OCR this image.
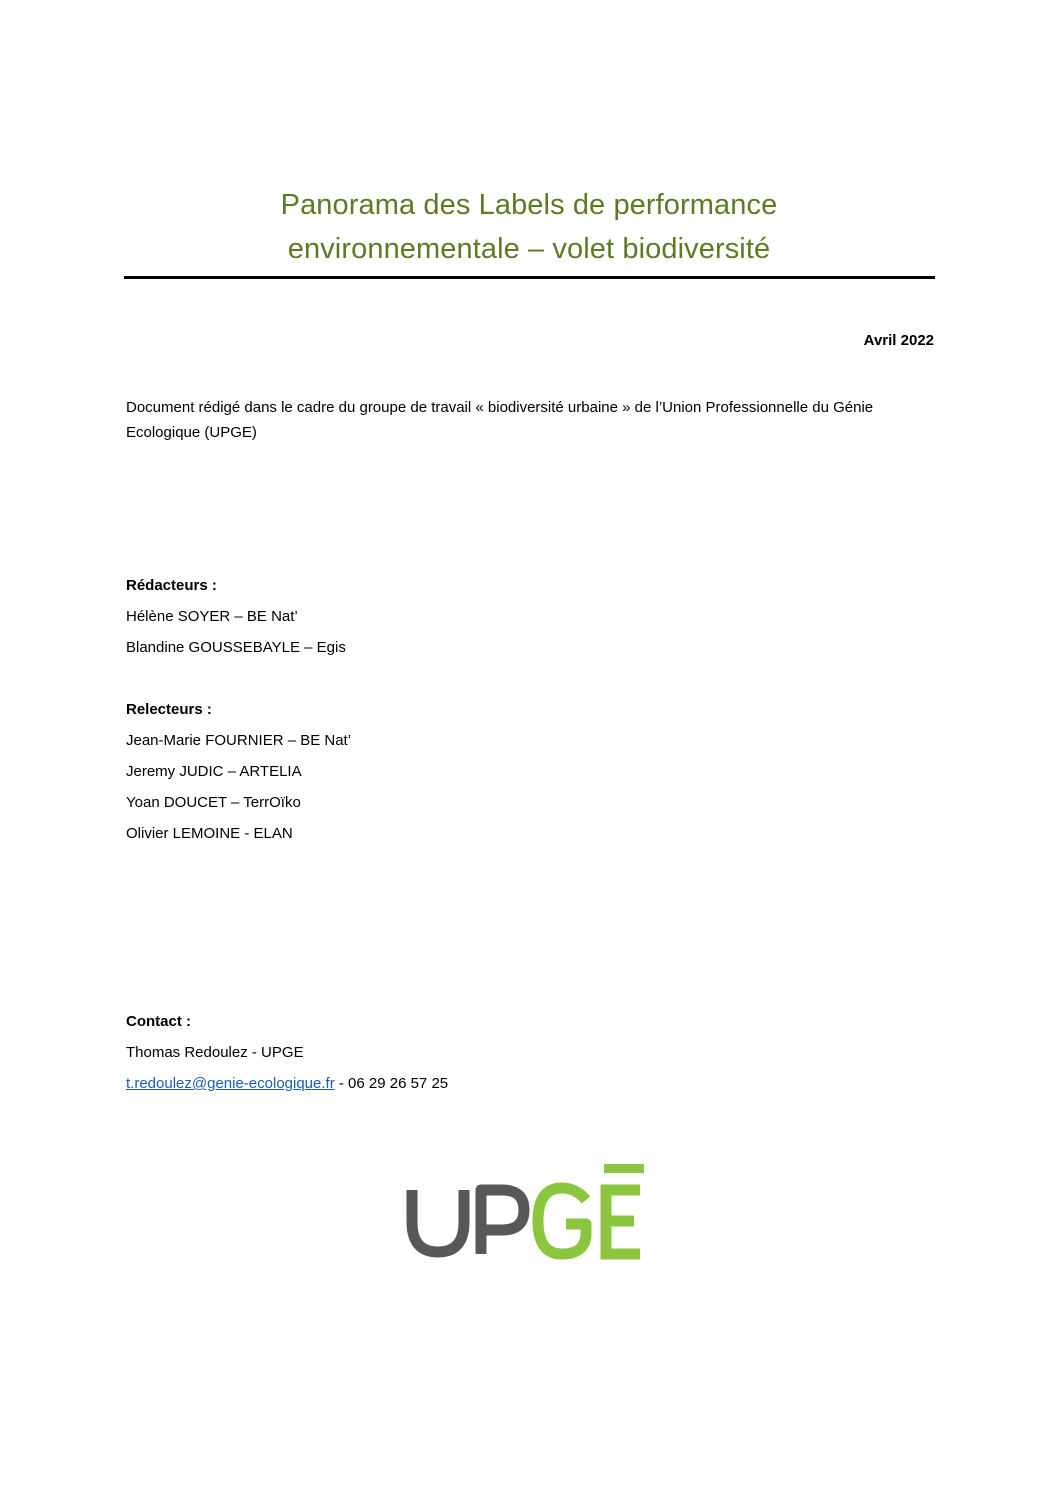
Panorama des Labels de performance
environnementale – volet biodiversité
Avril 2022
Document rédigé dans le cadre du groupe de travail « biodiversité urbaine » de l’Union Professionnelle du Génie Ecologique (UPGE)
Rédacteurs :
Hélène SOYER – BE Nat’
Blandine GOUSSEBAYLE – Egis
Relecteurs :
Jean-Marie FOURNIER – BE Nat’
Jeremy JUDIC – ARTELIA
Yoan DOUCET – TerrOïko
Olivier LEMOINE - ELAN
Contact :
Thomas Redoulez - UPGE
t.redoulez@genie-ecologique.fr - 06 29 26 57 25
